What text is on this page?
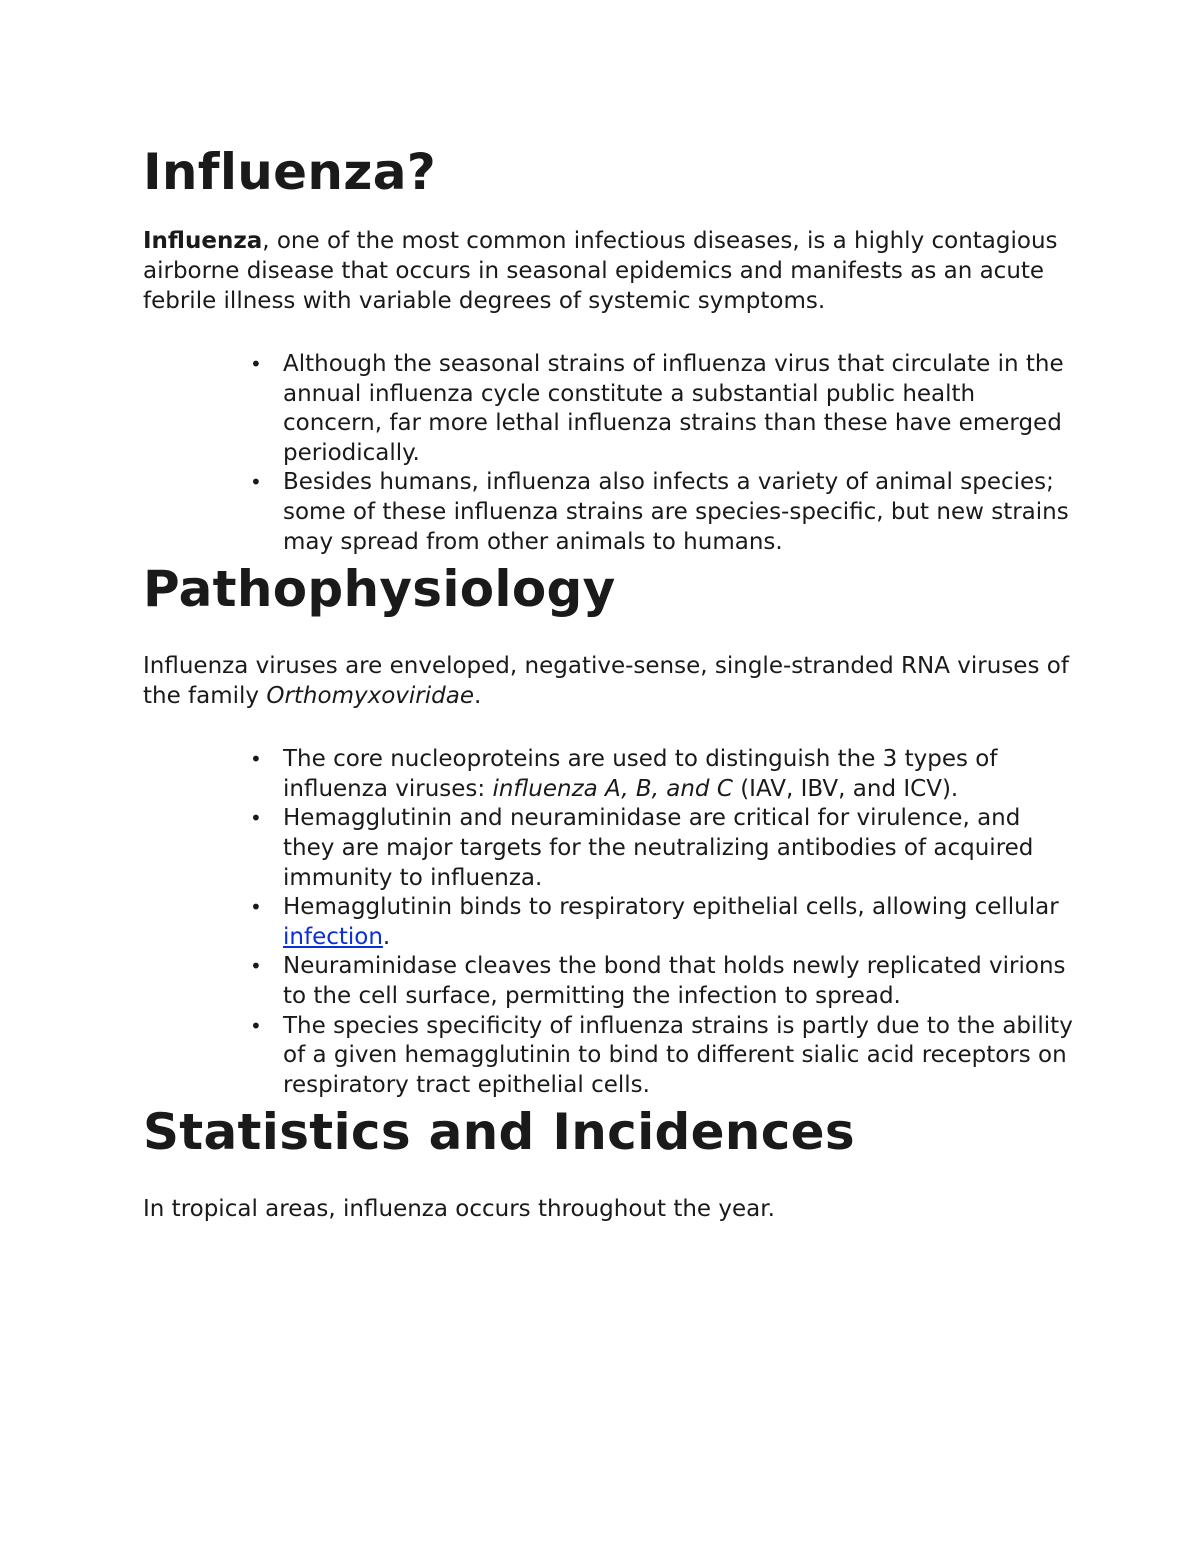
Influenza?

Influenza, one of the most common infectious diseases, is a highly contagious airborne disease that occurs in seasonal epidemics and manifests as an acute febrile illness with variable degrees of systemic symptoms.

• Although the seasonal strains of influenza virus that circulate in the annual influenza cycle constitute a substantial public health concern, far more lethal influenza strains than these have emerged periodically.
• Besides humans, influenza also infects a variety of animal species; some of these influenza strains are species-specific, but new strains may spread from other animals to humans.
Pathophysiology

Influenza viruses are enveloped, negative-sense, single-stranded RNA viruses of the family Orthomyxoviridae.

• The core nucleoproteins are used to distinguish the 3 types of influenza viruses: influenza A, B, and C (IAV, IBV, and ICV).
• Hemagglutinin and neuraminidase are critical for virulence, and they are major targets for the neutralizing antibodies of acquired immunity to influenza.
• Hemagglutinin binds to respiratory epithelial cells, allowing cellular infection.
• Neuraminidase cleaves the bond that holds newly replicated virions to the cell surface, permitting the infection to spread.
• The species specificity of influenza strains is partly due to the ability of a given hemagglutinin to bind to different sialic acid receptors on respiratory tract epithelial cells.
Statistics and Incidences

In tropical areas, influenza occurs throughout the year.
